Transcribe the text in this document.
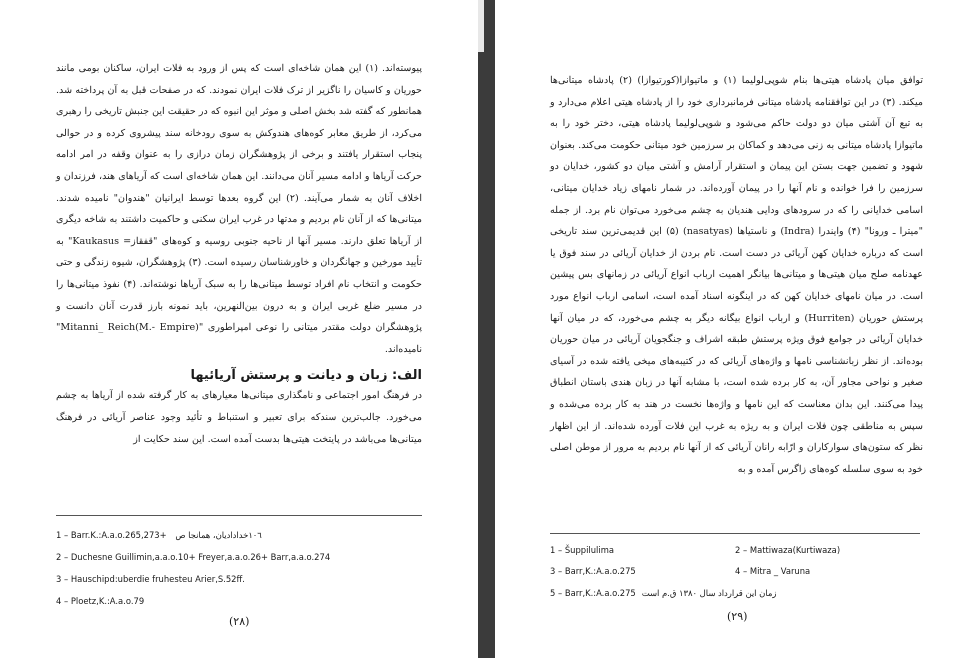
پیوسته‌اند. (۱) این همان شاخه‌ای است که پس از ورود به فلات ایران، ساکنان بومی مانند حوریان و کاسیان را ناگزیر از ترک فلات ایران نمودند. که در صفحات قبل به آن پرداخته شد. همانطور که گفته شد بخش اصلی و موثر این انبوه که در حقیقت این جنبش تاریخی را رهبری می‌کرد، از طریق معابر کوه‌های هندوکش به سوی رودخانه سند پیشروی کرده و در حوالی پنجاب استقرار یافتند و برخی از پژوهشگران زمان درازی را به عنوان وقفه در امر ادامه حرکت آریاها و ادامه مسیر آنان می‌دانند. این همان شاخه‌ای است که آریاهای هند، فرزندان و اخلاف آنان به شمار می‌آیند. (۲) این گروه بعدها توسط ایرانیان "هندوان" نامیده شدند. میتانی‌ها که از آنان نام بردیم و مدتها در غرب ایران سکنی و حاکمیت داشتند به شاخه دیگری از آریاها تعلق دارند. مسیر آنها از ناحیه جنوبی روسیه و کوه‌های "قفقاز= Kaukasus" به تأیید مورخین و جهانگردان و خاورشناسان رسیده است. (۳) پژوهشگران، شیوه زندگی و حتی حکومت و انتخاب نام افراد توسط میتانی‌ها را به سبک آریاها نوشته‌اند. (۴) نفوذ میتانی‌ها را در مسیر ضلع غربی ایران و به درون بین‌النهرین، باید نمونه بارز قدرت آنان دانست و پژوهشگران دولت مقتدر میتانی را نوعی امپراطوری "Mitanni_ Reich(M.- Empire)" نامیده‌اند.

الف: زبان و دیانت و پرستش آریائیها

در فرهنگ امور اجتماعی و نامگذاری میتانی‌ها معیارهای به کار گرفته شده از آریاها به چشم می‌خورد. جالب‌ترین سندکه برای تعبیر و استنباط و تأئید وجود عناصر آریائی در فرهنگ میتانی‌ها می‌باشد در پایتخت هیتی‌ها بدست آمده است. این سند حکایت از

1 – Barr.K.:A.a.o.265,273+ ١٠٦خدادادیان، همانجا ص
2 – Duchesne Guillimin,a.a.o.10+ Freyer,a.a.o.26+ Barr,a.a.o.274
3 – Hauschipd:uberdie fruhesteu Arier,S.52ff.
4 – Ploetz,K.:A.a.o.79
(۲۸)

توافق میان پادشاه هیتی‌ها بنام شوپی‌لولیما (۱) و ماتیوازا(کورتیوازا) (۲) پادشاه میتانی‌ها میکند. (۳) در این توافقنامه پادشاه میتانی فرمانبرداری خود را از پادشاه هیتی اعلام می‌دارد و به تبع آن آشتی میان دو دولت حاکم می‌شود و شوپی‌لولیما پادشاه هیتی، دختر خود را به ماتیوازا پادشاه میتانی به زنی می‌دهد و کماکان بر سرزمین خود میتانی حکومت می‌کند. بعنوان شهود و تضمین جهت بستن این پیمان و استقرار آرامش و آشتی میان دو کشور، خدایان دو سرزمین را فرا خوانده و نام آنها را در پیمان آورده‌اند. در شمار نامهای زیاد خدایان میتانی، اسامی خدایانی را که در سرودهای ودایی هندیان به چشم می‌خورد می‌توان نام برد. از جمله "میترا ـ ورونا" (۴) وایندرا (Indra) و ناستیاها (nasatyas) (۵) این قدیمی‌ترین سند تاریخی است که درباره خدایان کهن آریائی در دست است. نام بردن از خدایان آریائی در سند فوق یا عهدنامه صلح میان هیتی‌ها و میتانی‌ها بیانگر اهمیت ارباب انواع آریائی در زمانهای بس پیشین است. در میان نامهای خدایان کهن که در اینگونه اسناد آمده است، اسامی ارباب انواع مورد پرستش حوریان (Hurriten) و ارباب انواع بیگانه دیگر به چشم می‌خورد، که در میان آنها خدایان آریائی در جوامع فوق ویژه پرستش طبقه اشراف و جنگجویان آریائی در میان حوریان بوده‌اند. از نظر زبانشناسی نامها و واژه‌های آریائی که در کتیبه‌های میخی یافته شده در آسیای صغیر و نواحی مجاور آن، به کار برده شده است، با مشابه آنها در زبان هندی باستان انطباق پیدا می‌کنند. این بدان معناست که این نامها و واژه‌ها نخست در هند به کار برده می‌شده و سپس به مناطقی چون فلات ایران و به ریژه به غرب این فلات آورده شده‌اند. از این اظهار نظر که ستون‌های سوارکاران و ارّابه رانان آریائی که از آنها نام بردیم به مرور از موطن اصلی خود به سوی سلسله کوه‌های زاگرس آمده و به

1 – Šuppilulima	2 – Mattiwaza(Kurtiwaza)
3 – Barr,K.:A.a.o.275	4 – Mitra _ Varuna
5 – Barr,K.:A.a.o.275 زمان این قرارداد سال ۱۳۸۰ ق.م است
(۲۹)
